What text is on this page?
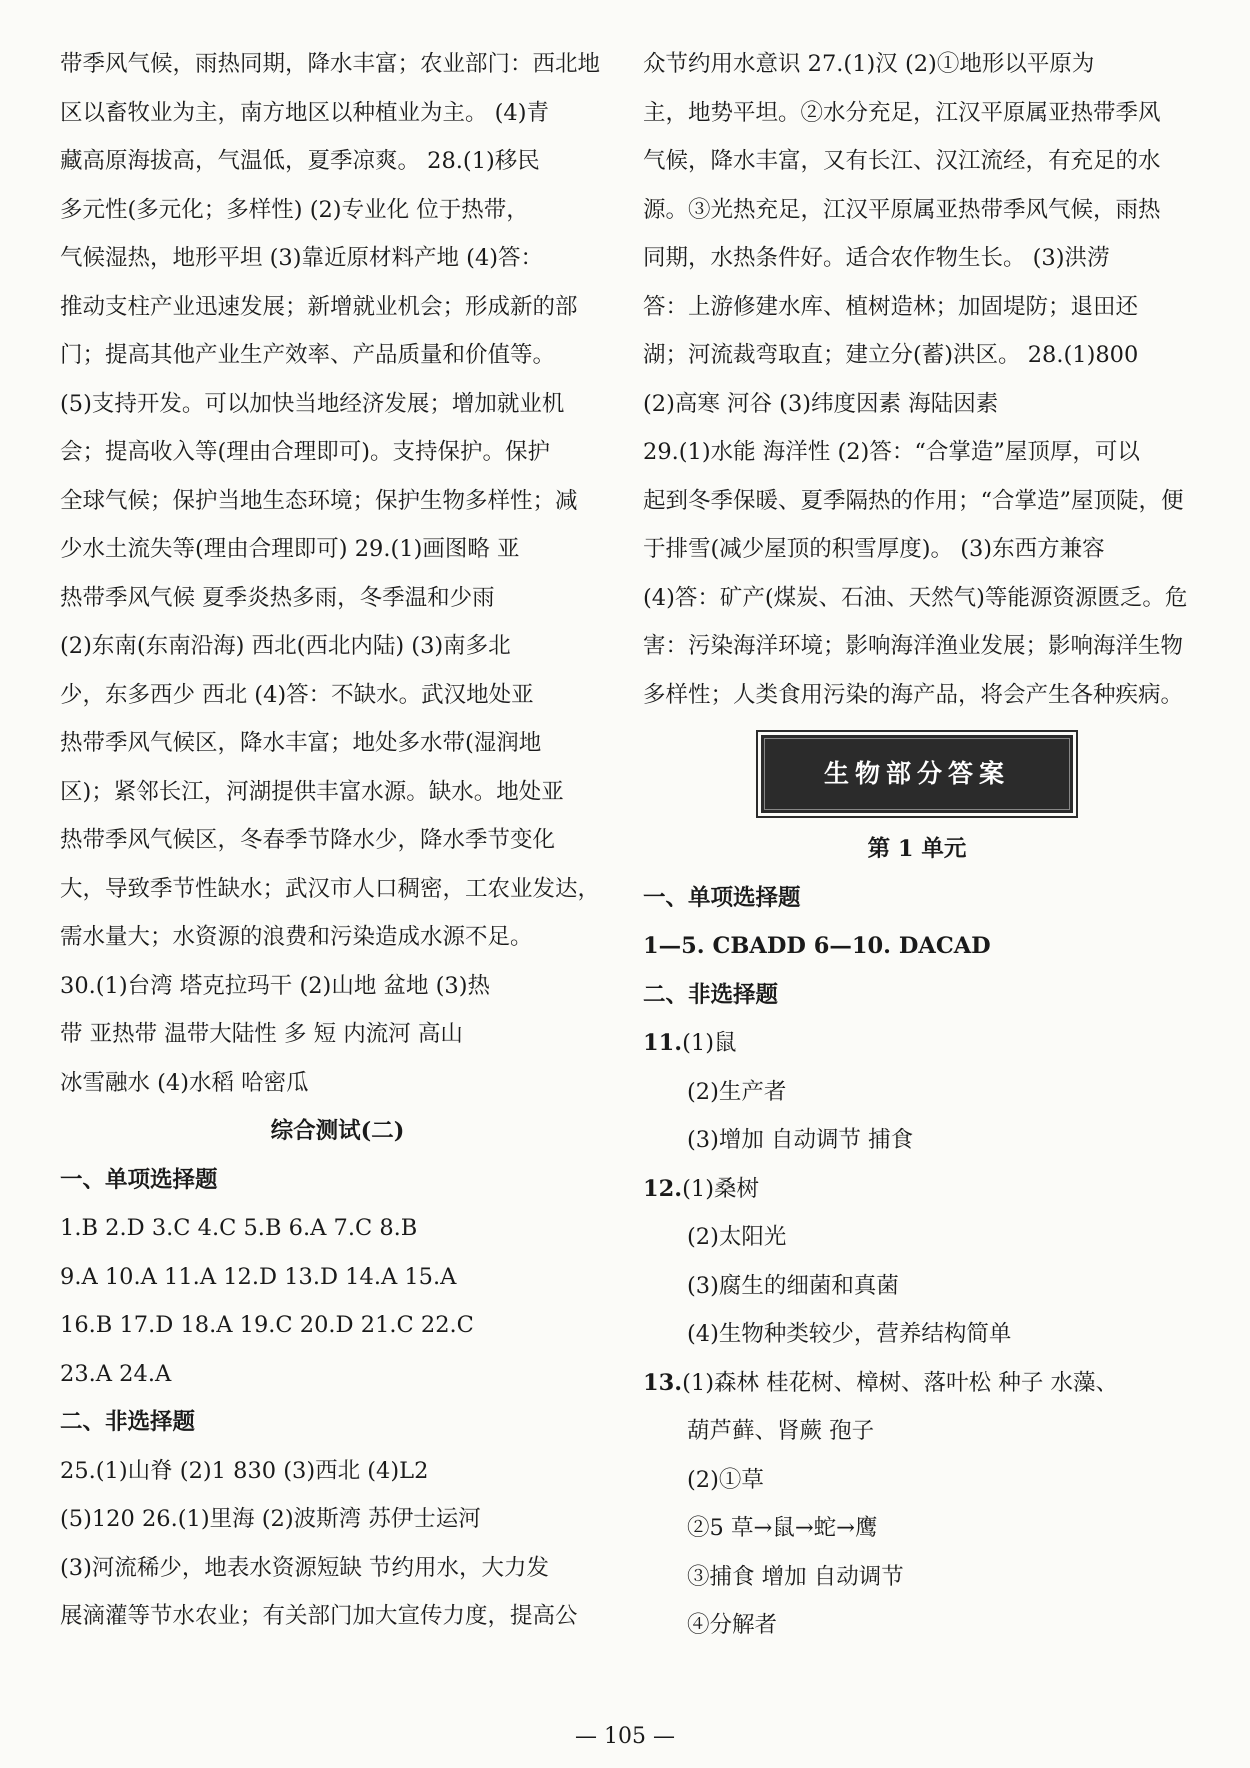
带季风气候，雨热同期，降水丰富；农业部门：西北地

区以畜牧业为主，南方地区以种植业为主。 (4)青

藏高原海拔高，气温低，夏季凉爽。 28.(1)移民

多元性(多元化；多样性) (2)专业化 位于热带，

气候湿热，地形平坦 (3)靠近原材料产地 (4)答：

推动支柱产业迅速发展；新增就业机会；形成新的部

门；提高其他产业生产效率、产品质量和价值等。

(5)支持开发。可以加快当地经济发展；增加就业机

会；提高收入等(理由合理即可)。支持保护。保护

全球气候；保护当地生态环境；保护生物多样性；减

少水土流失等(理由合理即可) 29.(1)画图略 亚

热带季风气候 夏季炎热多雨，冬季温和少雨

(2)东南(东南沿海) 西北(西北内陆) (3)南多北

少，东多西少 西北 (4)答：不缺水。武汉地处亚

热带季风气候区，降水丰富；地处多水带(湿润地

区)；紧邻长江，河湖提供丰富水源。缺水。地处亚

热带季风气候区，冬春季节降水少，降水季节变化

大，导致季节性缺水；武汉市人口稠密，工农业发达，

需水量大；水资源的浪费和污染造成水源不足。

30.(1)台湾 塔克拉玛干 (2)山地 盆地 (3)热

带 亚热带 温带大陆性 多 短 内流河 高山

冰雪融水 (4)水稻 哈密瓜

综合测试(二)

一、单项选择题

1.B 2.D 3.C 4.C 5.B 6.A 7.C 8.B

9.A 10.A 11.A 12.D 13.D 14.A 15.A

16.B 17.D 18.A 19.C 20.D 21.C 22.C

23.A 24.A

二、非选择题

25.(1)山脊 (2)1 830 (3)西北 (4)L2

(5)120 26.(1)里海 (2)波斯湾 苏伊士运河

(3)河流稀少，地表水资源短缺 节约用水，大力发

展滴灌等节水农业；有关部门加大宣传力度，提高公

众节约用水意识 27.(1)汉 (2)①地形以平原为

主，地势平坦。②水分充足，江汉平原属亚热带季风

气候，降水丰富，又有长江、汉江流经，有充足的水

源。③光热充足，江汉平原属亚热带季风气候，雨热

同期，水热条件好。适合农作物生长。 (3)洪涝

答：上游修建水库、植树造林；加固堤防；退田还

湖；河流裁弯取直；建立分(蓄)洪区。 28.(1)800

(2)高寒 河谷 (3)纬度因素 海陆因素

29.(1)水能 海洋性 (2)答：“合掌造”屋顶厚，可以

起到冬季保暖、夏季隔热的作用；“合掌造”屋顶陡，便

于排雪(减少屋顶的积雪厚度)。 (3)东西方兼容

(4)答：矿产(煤炭、石油、天然气)等能源资源匮乏。危

害：污染海洋环境；影响海洋渔业发展；影响海洋生物

多样性；人类食用污染的海产品，将会产生各种疾病。

生物部分答案

第 1 单元

一、单项选择题

1—5. CBADD 6—10. DACAD

二、非选择题

11.(1)鼠

(2)生产者

(3)增加 自动调节 捕食

12.(1)桑树

(2)太阳光

(3)腐生的细菌和真菌

(4)生物种类较少，营养结构简单

13.(1)森林 桂花树、樟树、落叶松 种子 水藻、

葫芦藓、肾蕨 孢子

(2)①草

②5 草→鼠→蛇→鹰

③捕食 增加 自动调节

④分解者

— 105 —
